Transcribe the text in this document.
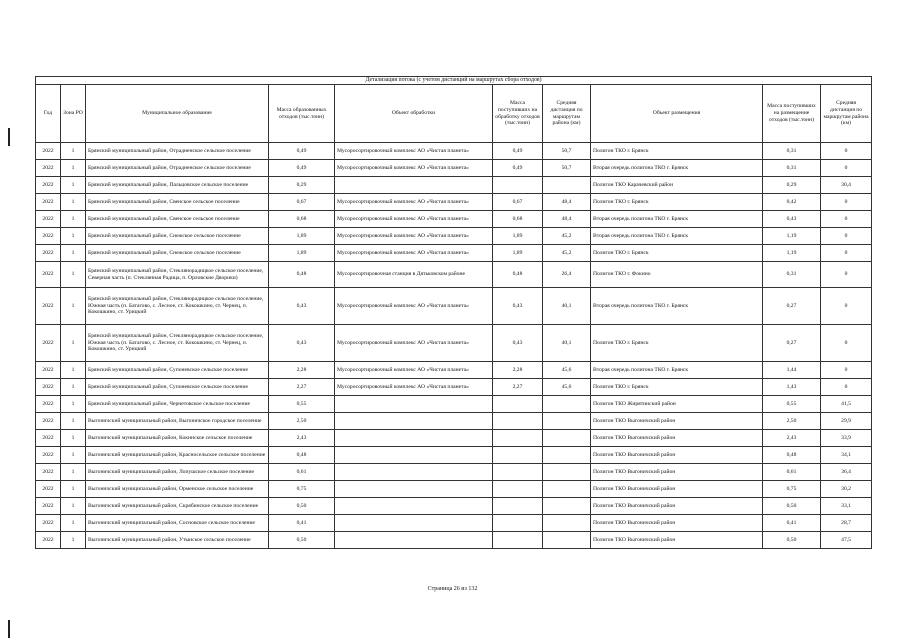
Детализация потока (с учетом дистанций на маршрутах сбора отходов)									
Год	Зона РО	Муниципальное образование	Масса образованных отходов (тыс.тонн)	Объект обработки	Масса поступивших на обработку отходов (тыс.тонн)	Средняя дистанция по маршрутам района (км)	Объект размещения	Масса поступивших на размещение отходов (тыс.тонн)	Средняя дистанция по маршрутам района (км)
2022	1	Брянский муниципальный район, Отрадненское сельское поселение	0,49	Мусоросортировочный комплекс АО «Чистая планета»	0,49	50,7	Полигон ТКО г. Брянск	0,31	0
2022	1	Брянский муниципальный район, Отрадненское сельское поселение	0,49	Мусоросортировочный комплекс АО «Чистая планета»	0,49	50,7	Вторая очередь полигона ТКО г. Брянск	0,31	0
2022	1	Брянский муниципальный район, Пальцовское сельское поселение	0,29				Полигон ТКО Карачевский район	0,29	30,4
2022	1	Брянский муниципальный район, Свенское сельское поселение	0,67	Мусоросортировочный комплекс АО «Чистая планета»	0,67	48,4	Полигон ТКО г. Брянск	0,42	0
2022	1	Брянский муниципальный район, Свенское сельское поселение	0,68	Мусоросортировочный комплекс АО «Чистая планета»	0,68	48,4	Вторая очередь полигона ТКО г. Брянск	0,43	0
2022	1	Брянский муниципальный район, Снежское сельское поселение	1,89	Мусоросортировочный комплекс АО «Чистая планета»	1,89	45,2	Вторая очередь полигона ТКО г. Брянск	1,19	0
2022	1	Брянский муниципальный район, Снежское сельское поселение	1,89	Мусоросортировочный комплекс АО «Чистая планета»	1,89	45,2	Полигон ТКО г. Брянск	1,19	0
2022	1	Брянский муниципальный район, Стеклянорадицкое сельское поселение, Северная часть (п. Стеклянная Радица, п. Орловские Дворики)	0,48	Мусоросортировочная станция в Дятьковском районе	0,48	26,4	Полигон ТКО г. Фокино	0,31	0
2022	1	Брянский муниципальный район, Стеклянорадицкое сельское поселение, Южная часть (п. Батагово, с. Лесное, ст. Кокошкино, ст. Чернец, п. Кокошкино, ст. Урицкий	0,43	Мусоросортировочный комплекс АО «Чистая планета»	0,43	40,1	Вторая очередь полигона ТКО г. Брянск	0,27	0
2022	1	Брянский муниципальный район, Стеклянорадицкое сельское поселение, Южная часть (п. Батагово, с. Лесное, ст. Кокошкино, ст. Чернец, п. Кокошкино, ст. Урицкий	0,43	Мусоросортировочный комплекс АО «Чистая планета»	0,43	40,1	Полигон ТКО г. Брянск	0,27	0
2022	1	Брянский муниципальный район, Супоневское сельское поселение	2,28	Мусоросортировочный комплекс АО «Чистая планета»	2,28	45,6	Вторая очередь полигона ТКО г. Брянск	1,44	0
2022	1	Брянский муниципальный район, Супоневское сельское поселение	2,27	Мусоросортировочный комплекс АО «Чистая планета»	2,27	45,6	Полигон ТКО г. Брянск	1,43	0
2022	1	Брянский муниципальный район, Чернетовское сельское поселение	0,55				Полигон ТКО Жирятинский район	0,55	41,5
2022	1	Выгоничский муниципальный район, Выгоничское городское поселение	2,50				Полигон ТКО Выгоничский район	2,50	29,9
2022	1	Выгоничский муниципальный район, Кокинское сельское поселение	2,43				Полигон ТКО Выгоничский район	2,43	33,9
2022	1	Выгоничский муниципальный район, Красносельское сельское поселение	0,48				Полигон ТКО Выгоничский район	0,48	34,1
2022	1	Выгоничский муниципальный район, Лопушское сельское поселение	0,61				Полигон ТКО Выгоничский район	0,61	36,4
2022	1	Выгоничский муниципальный район, Орменское сельское поселение	0,75				Полигон ТКО Выгоничский район	0,75	30,2
2022	1	Выгоничский муниципальный район, Скрябинское сельское поселение	0,50				Полигон ТКО Выгоничский район	0,50	33,1
2022	1	Выгоничский муниципальный район, Сосновское сельское поселение	0,41				Полигон ТКО Выгоничский район	0,41	28,7
2022	1	Выгоничский муниципальный район, Утынское сельское поселение	0,50				Полигон ТКО Выгоничский район	0,50	47,5
Страница 26 из 132
